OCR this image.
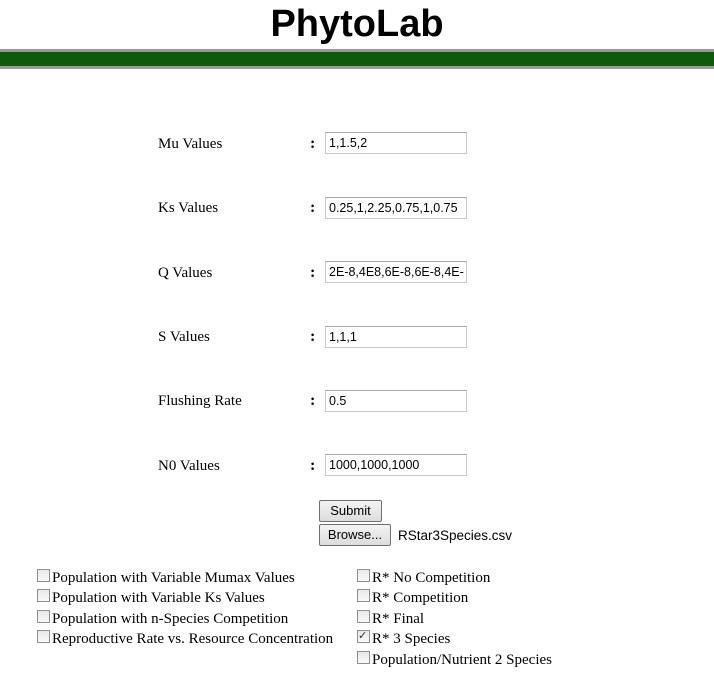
PhytoLab
Mu Values	:	1,1.5,2
Ks Values	:	0.25,1,2.25,0.75,1,0.75
Q Values	:	2E-8,4E8,6E-8,6E-8,4E-
S Values	:	1,1,1
Flushing Rate	:	0.5
N0 Values	:	1000,1000,1000
Submit
Browse...	RStar3Species.csv
Population with Variable Mumax Values
Population with Variable Ks Values
Population with n-Species Competition
Reproductive Rate vs. Resource Concentration
R* No Competition
R* Competition
R* Final
✓R* 3 Species
Population/Nutrient 2 Species
